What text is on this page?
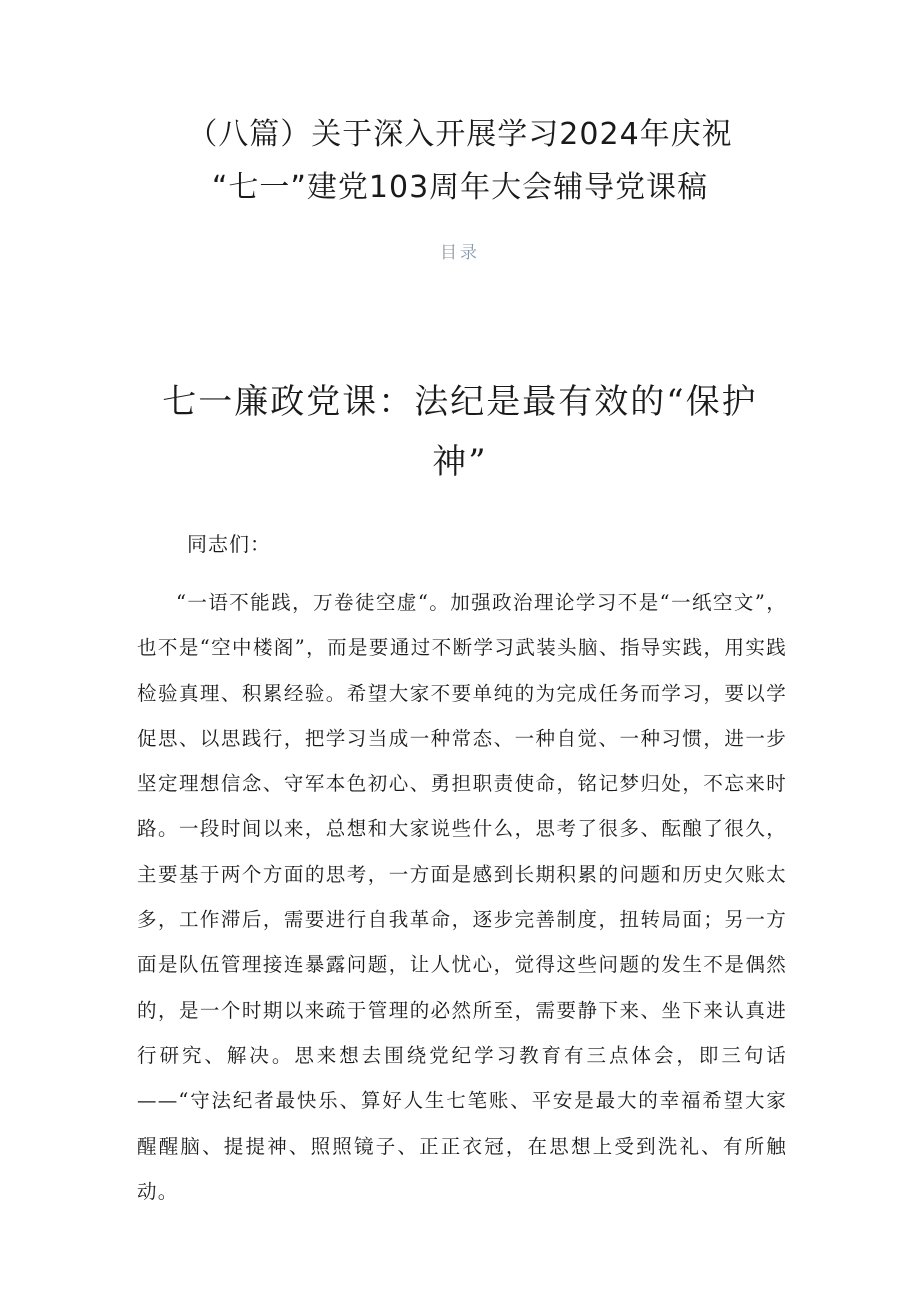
（八篇）关于深入开展学习2024年庆祝
“七一”建党103周年大会辅导党课稿
目录
七一廉政党课：法纪是最有效的“保护神”
同志们：

“一语不能践，万卷徒空虚“。加强政治理论学习不是“一纸空文”，也不是“空中楼阁”，而是要通过不断学习武装头脑、指导实践，用实践检验真理、积累经验。希望大家不要单纯的为完成任务而学习，要以学促思、以思践行，把学习当成一种常态、一种自觉、一种习惯，进一步坚定理想信念、守军本色初心、勇担职责使命，铭记梦归处，不忘来时路。一段时间以来，总想和大家说些什么，思考了很多、酝酿了很久，主要基于两个方面的思考，一方面是感到长期积累的问题和历史欠账太多，工作滞后，需要进行自我革命，逐步完善制度，扭转局面；另一方面是队伍管理接连暴露问题，让人忧心，觉得这些问题的发生不是偶然的，是一个时期以来疏于管理的必然所至，需要静下来、坐下来认真进行研究、解决。思来想去围绕党纪学习教育有三点体会，即三句话——“守法纪者最快乐、算好人生七笔账、平安是最大的幸福希望大家醒醒脑、提提神、照照镜子、正正衣冠，在思想上受到洗礼、有所触动。
